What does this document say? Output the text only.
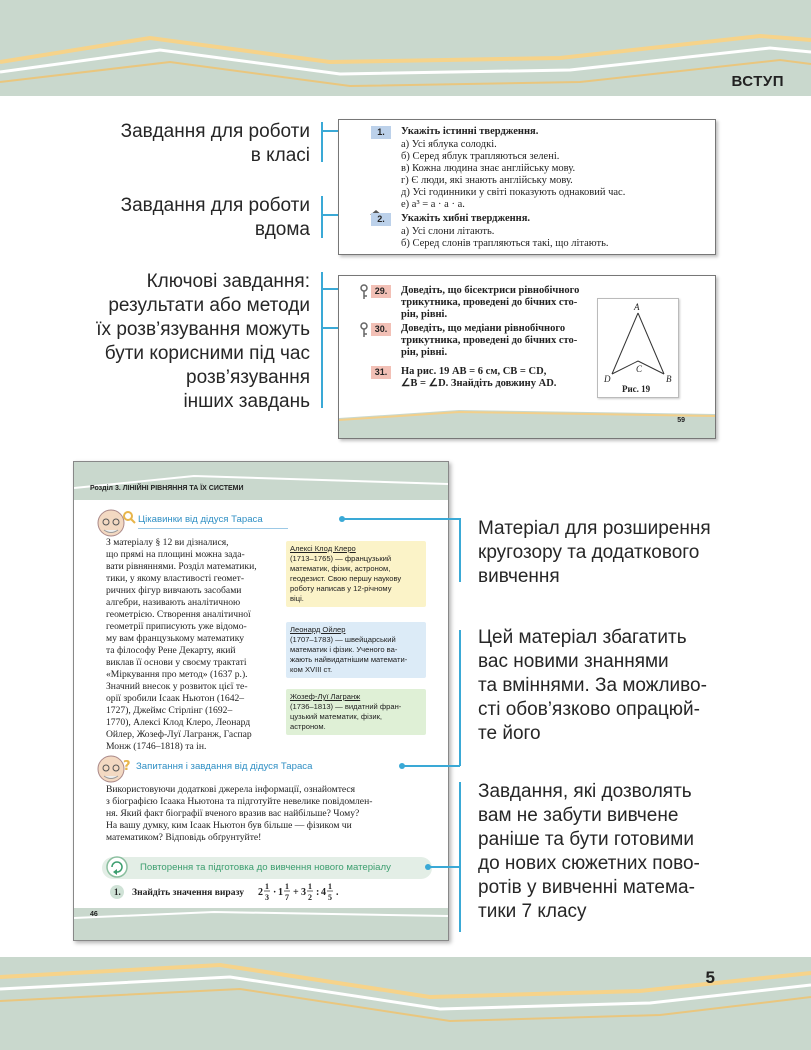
ВСТУП
Завдання для роботи
в класі
Завдання для роботи
вдома
Ключові завдання:
результати або методи
їх розв’язування можуть
бути корисними під час
розв’язування
інших завдань
1.	Укажіть істинні твердження.
а) Усі яблука солодкі.
б) Серед яблук трапляються зелені.
в) Кожна людина знає англійську мову.
г) Є люди, які знають англійську мову.
д) Усі годинники у світі показують однаковий час.
е) a³ = a · a · a.
2.	Укажіть хибні твердження.
а) Усі слони літають.
б) Серед слонів трапляються такі, що літають.
29.	Доведіть, що бісектриси рівнобічного
трикутника, проведені до бічних сто-
рін, рівні.
30.	Доведіть, що медіани рівнобічного
трикутника, проведені до бічних сто-
рін, рівні.
31.	На рис. 19 AB = 6 см, CB = CD,
∠B = ∠D. Знайдіть довжину AD.
A
B
C
D
Рис. 19
59
Розділ 3. ЛІНІЙНІ РІВНЯННЯ ТА ЇХ СИСТЕМИ
Цікавинки від дідуся Тараса
З матеріалу § 12 ви дізналися,
що прямі на площині можна зада-
вати рівняннями. Розділ математики,
тики, у якому властивості геомет-
ричних фігур вивчають засобами
алгебри, називають аналітичною
геометрією. Створення аналітичної
геометрії приписують уже відомо-
му вам французькому математику
та філософу Рене Декарту, який
виклав її основи у своєму трактаті
«Міркування про метод» (1637 р.).
Значний внесок у розвиток цієї те-
орії зробили Ісаак Ньютон (1642–
1727), Джеймс Стірлінг (1692–
1770), Алексі Клод Клеро, Леонард
Ойлер, Жозеф-Луї Лагранж, Гаспар
Монж (1746–1818) та ін.
Алексі Клод Клеро
(1713–1765) — французький
математик, фізик, астроном,
геодезист. Свою першу наукову
роботу написав у 12-річному
віці.
Леонард Ойлер
(1707–1783) — швейцарський
математик і фізик. Ученого ва-
жають найвидатнішим математи-
ком XVIII ст.
Жозеф-Луї Лагранж
(1736–1813) — видатний фран-
цузький математик, фізик,
астроном.
? Запитання і завдання від дідуся Тараса
Використовуючи додаткові джерела інформації, ознайомтеся
з біографією Ісаака Ньютона та підготуйте невелике повідомлен-
ня. Який факт біографії вченого вразив вас найбільше? Чому?
На вашу думку, ким Ісаак Ньютон був більше — фізиком чи
математиком? Відповідь обґрунтуйте!
Повторення та підготовка до вивчення нового матеріалу
1. Знайдіть значення виразу 2
1
3 · 1
1
7 + 3
1
2 : 4
1
5 .
46
Матеріал для розширення
кругозору та додаткового
вивчення
Цей матеріал збагатить
вас новими знаннями
та вміннями. За можливо-
сті обов’язково опрацюй-
те його
Завдання, які дозволять
вам не забути вивчене
раніше та бути готовими
до нових сюжетних пово-
ротів у вивченні матема-
тики 7 класу
5
